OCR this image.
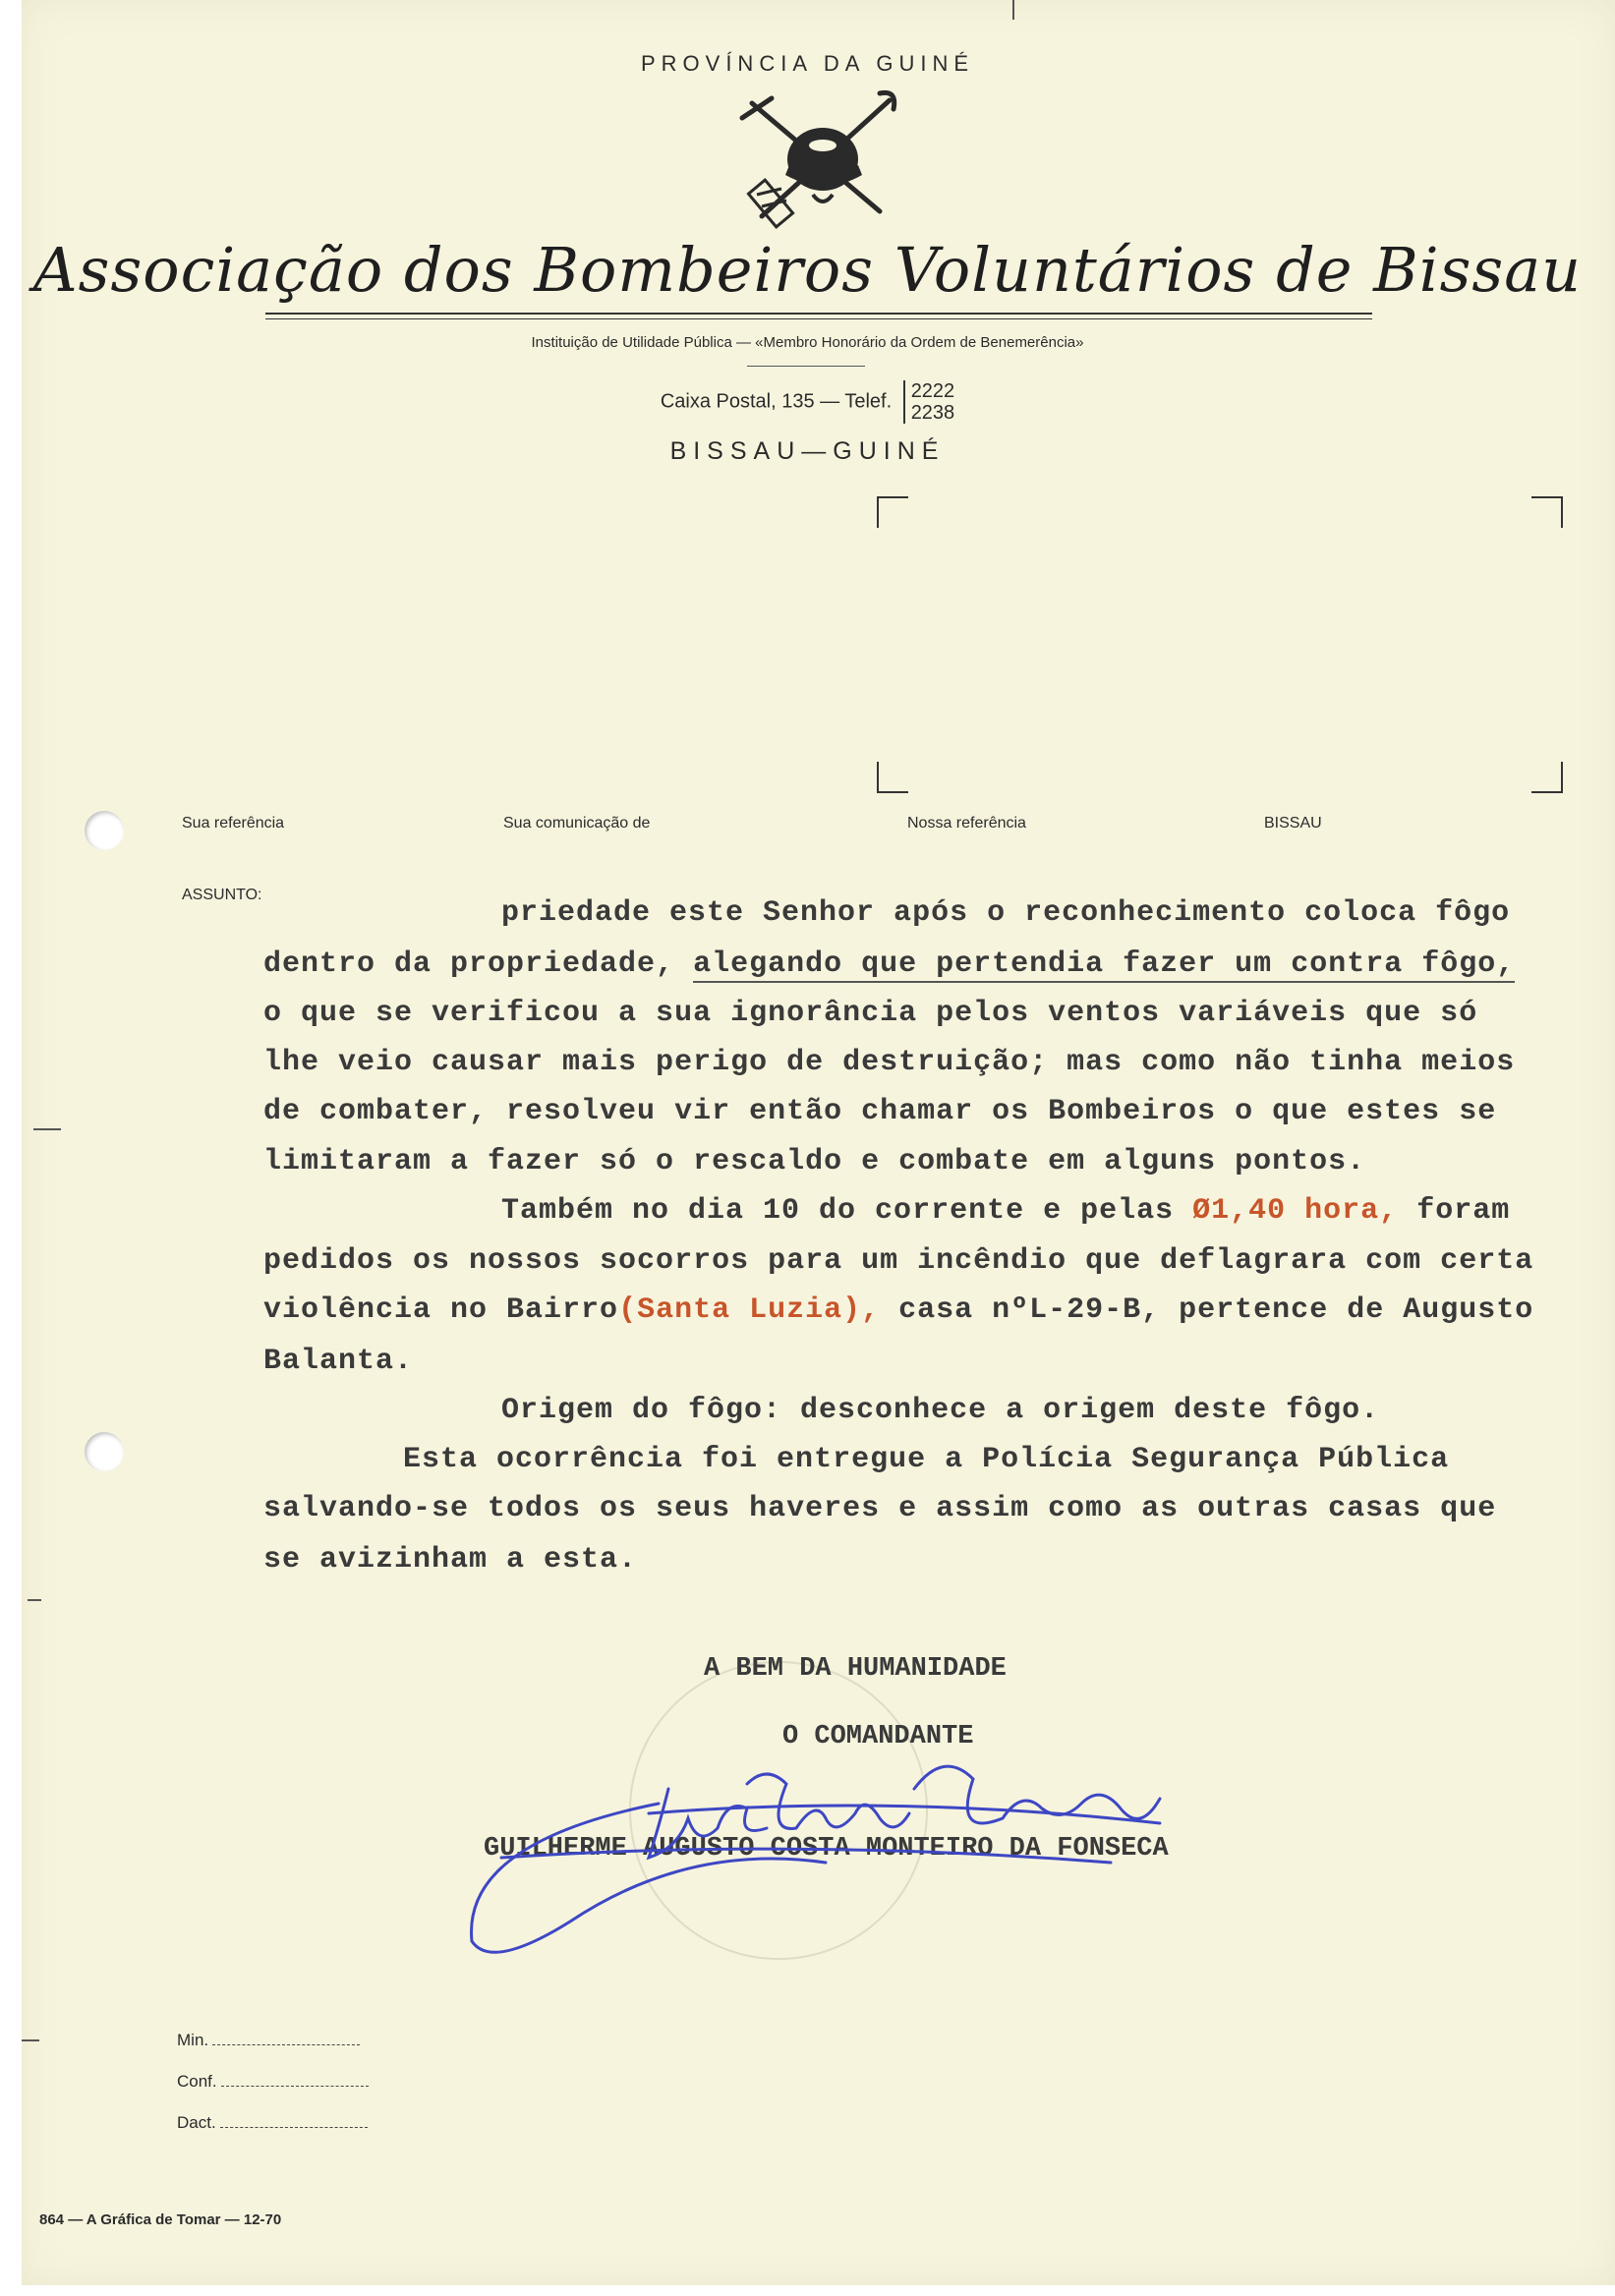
PROVÍNCIA DA GUINÉ
Associação dos Bombeiros Voluntários de Bissau
Instituição de Utilidade Pública — «Membro Honorário da Ordem de Benemerência»
Caixa Postal, 135 — Telef. 2222
2238
BISSAU—GUINÉ
Sua referência	Sua comunicação de	Nossa referência	BISSAU
ASSUNTO:
priedade este Senhor após o reconhecimento coloca fôgo
dentro da propriedade, alegando que pertendia fazer um contra fôgo,
o que se verificou a sua ignorância pelos ventos variáveis que só
lhe veio causar mais perigo de destruição; mas como não tinha meios
de combater, resolveu vir então chamar os Bombeiros o que estes se
limitaram a fazer só o rescaldo e combate em alguns pontos.
Também no dia 10 do corrente e pelas Ø1,40 hora, foram
pedidos os nossos socorros para um incêndio que deflagrara com certa
violência no Bairro(Santa Luzia), casa nºL-29-B, pertence de Augusto
Balanta.
Origem do fôgo: desconhece a origem deste fôgo.
Esta ocorrência foi entregue a Polícia Segurança Pública
salvando-se todos os seus haveres e assim como as outras casas que
se avizinham a esta.
A BEM DA HUMANIDADE
O COMANDANTE
GUILHERME AUGUSTO COSTA MONTEIRO DA FONSECA
Min.
Conf.
Dact.
864 — A Gráfica de Tomar — 12-70
